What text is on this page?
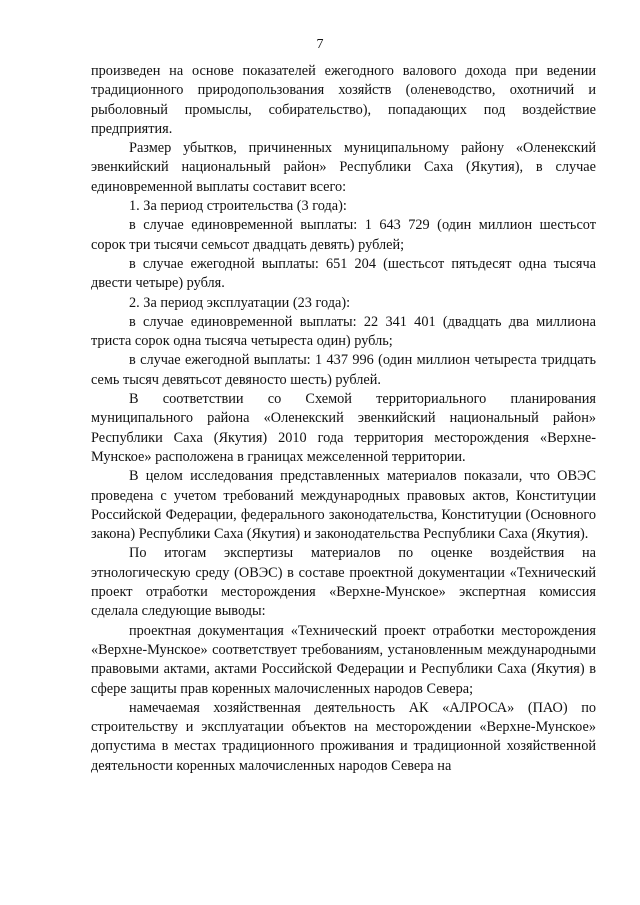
7

произведен на основе показателей ежегодного валового дохода при ведении традиционного природопользования хозяйств (оленеводство, охотничий и рыболовный промыслы, собирательство), попадающих под воздействие предприятия.

Размер убытков, причиненных муниципальному району «Оленекский эвенкийский национальный район» Республики Саха (Якутия), в случае единовременной выплаты составит всего:

1. За период строительства (3 года):

в случае единовременной выплаты: 1 643 729 (один миллион шестьсот сорок три тысячи семьсот двадцать девять) рублей;

в случае ежегодной выплаты: 651 204 (шестьсот пятьдесят одна тысяча двести четыре) рубля.

2. За период эксплуатации (23 года):

в случае единовременной выплаты: 22 341 401 (двадцать два миллиона триста сорок одна тысяча четыреста один) рубль;

в случае ежегодной выплаты: 1 437 996 (один миллион четыреста тридцать семь тысяч девятьсот девяносто шесть) рублей.

В соответствии со Схемой территориального планирования муниципального района «Оленекский эвенкийский национальный район» Республики Саха (Якутия) 2010 года территория месторождения «Верхне-Мунское» расположена в границах межселенной территории.

В целом исследования представленных материалов показали, что ОВЭС проведена с учетом требований международных правовых актов, Конституции Российской Федерации, федерального законодательства, Конституции (Основного закона) Республики Саха (Якутия) и законодательства Республики Саха (Якутия).

По итогам экспертизы материалов по оценке воздействия на этнологическую среду (ОВЭС) в составе проектной документации «Технический проект отработки месторождения «Верхне-Мунское» экспертная комиссия сделала следующие выводы:

проектная документация «Технический проект отработки месторождения «Верхне-Мунское» соответствует требованиям, установленным международными правовыми актами, актами Российской Федерации и Республики Саха (Якутия) в сфере защиты прав коренных малочисленных народов Севера;

намечаемая хозяйственная деятельность АК «АЛРОСА» (ПАО) по строительству и эксплуатации объектов на месторождении «Верхне-Мунское» допустима в местах традиционного проживания и традиционной хозяйственной деятельности коренных малочисленных народов Севера на
